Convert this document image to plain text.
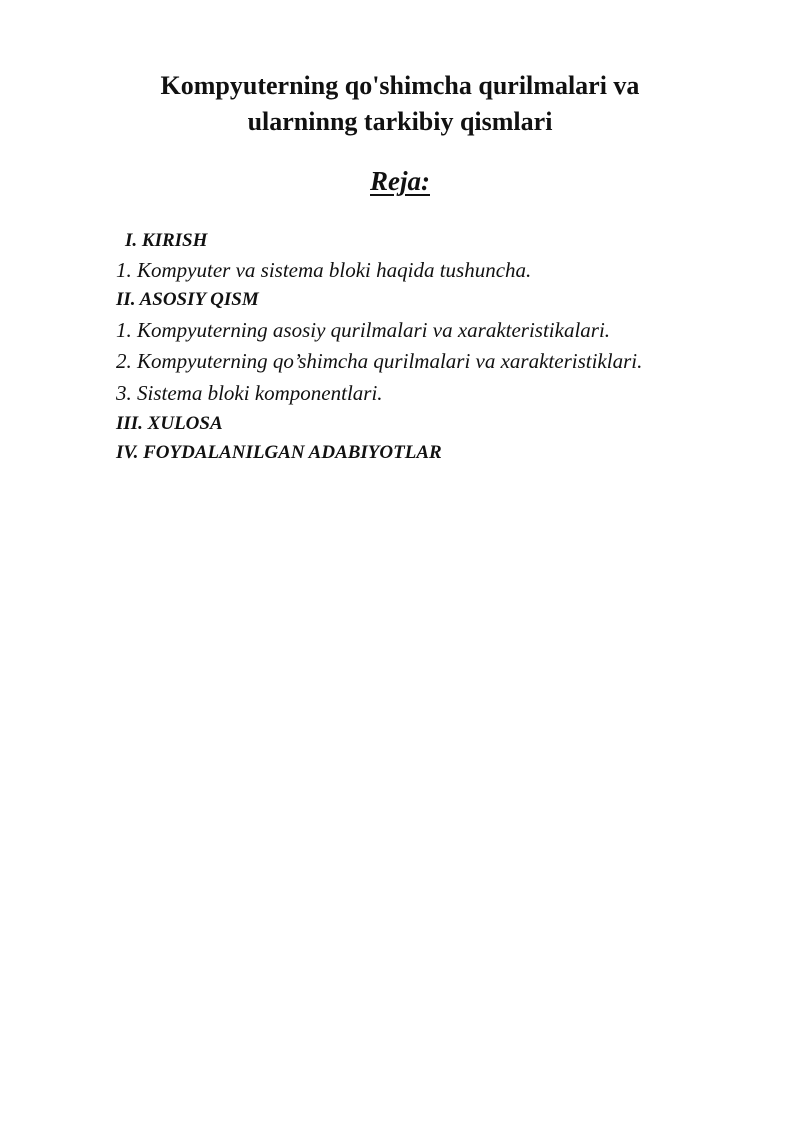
Kompyuterning qo'shimcha qurilmalari va
ularninng tarkibiy qismlari
Reja:
I. KIRISH
1. Kompyuter va sistema bloki haqida tushuncha.
II. ASOSIY QISM
1. Kompyuterning asosiy qurilmalari va xarakteristikalari.
2. Kompyuterning qo’shimcha qurilmalari va xarakteristiklari.
3. Sistema bloki komponentlari.
III. XULOSA
IV. FOYDALANILGAN ADABIYOTLAR
